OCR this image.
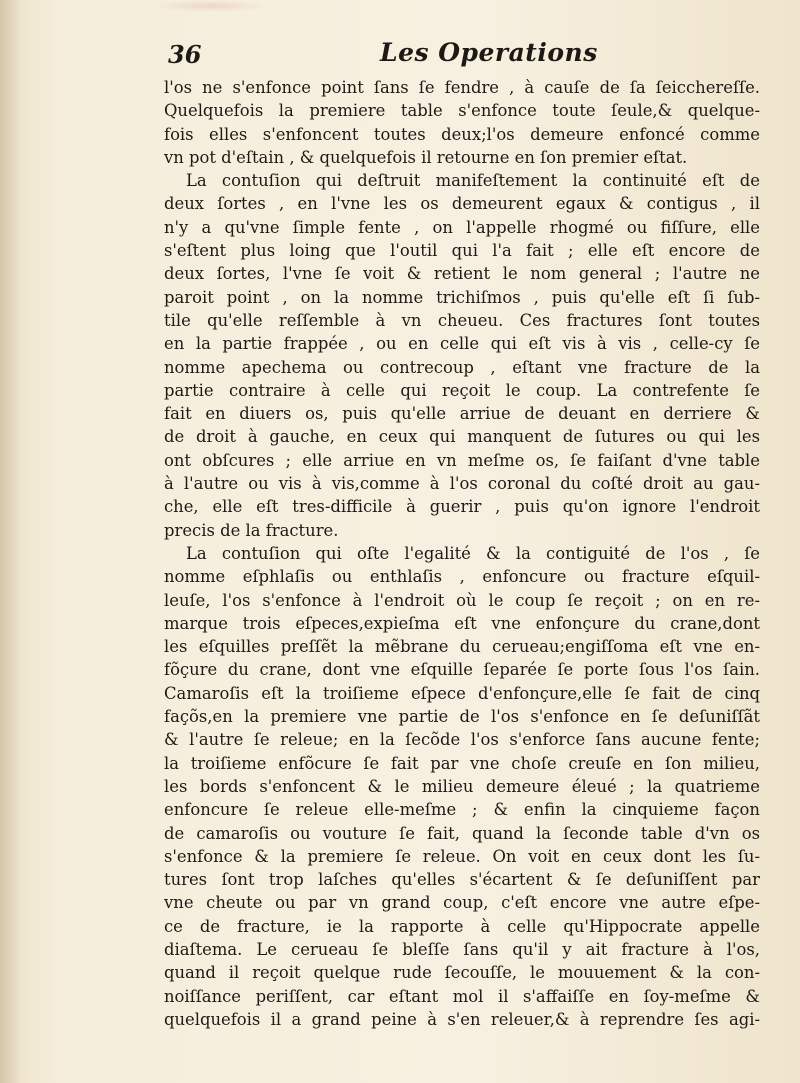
36	Les Operations
l'os ne s'enfonce point ſans ſe fendre , à cauſe de ſa ſeicchereſſe.
Quelquefois la premiere table s'enfonce toute ſeule,& quelque-
fois elles s'enfoncent toutes deux;l'os demeure enfoncé comme
vn pot d'eſtain , & quelquefois il retourne en ſon premier eſtat.
La contuſion qui deſtruit manifeſtement la continuité eſt de
deux ſortes , en l'vne les os demeurent egaux & contigus , il
n'y a qu'vne ſimple fente , on l'appelle rhogmé ou fiſſure, elle
s'eſtent plus loing que l'outil qui l'a fait ; elle eſt encore de
deux ſortes, l'vne ſe voit & retient le nom general ; l'autre ne
paroit point , on la nomme trichiſmos , puis qu'elle eſt ſi ſub-
tile qu'elle reſſemble à vn cheueu. Ces fractures ſont toutes
en la partie frappée , ou en celle qui eſt vis à vis , celle-cy ſe
nomme apechema ou contrecoup , eſtant vne fracture de la
partie contraire à celle qui reçoit le coup. La contrefente ſe
fait en diuers os, puis qu'elle arriue de deuant en derriere &
de droit à gauche, en ceux qui manquent de ſutures ou qui les
ont obſcures ; elle arriue en vn meſme os, ſe faiſant d'vne table
à l'autre ou vis à vis,comme à l'os coronal du coſté droit au gau-
che, elle eſt tres-difficile à guerir , puis qu'on ignore l'endroit
precis de la fracture.
La contuſion qui oſte l'egalité & la contiguité de l'os , ſe
nomme eſphlaſis ou enthlaſis , enfoncure ou fracture eſquil-
leuſe, l'os s'enfonce à l'endroit où le coup ſe reçoit ; on en re-
marque trois eſpeces,expieſma eſt vne enfonçure du crane,dont
les eſquilles preſſẽt la mẽbrane du cerueau;engiſſoma eſt vne en-
fõçure du crane, dont vne eſquille ſeparée ſe porte ſous l'os ſain.
Camaroſis eſt la troiſieme eſpece d'enfonçure,elle ſe fait de cinq
façõs,en la premiere vne partie de l'os s'enfonce en ſe deſuniſſãt
& l'autre ſe releue; en la ſecõde l'os s'enforce ſans aucune fente;
la troiſieme enfõcure ſe fait par vne choſe creuſe en ſon milieu,
les bords s'enfoncent & le milieu demeure éleué ; la quatrieme
enfoncure ſe releue elle-meſme ; & enfin la cinquieme façon
de camaroſis ou vouture ſe fait, quand la ſeconde table d'vn os
s'enfonce & la premiere ſe releue. On voit en ceux dont les ſu-
tures ſont trop laſches qu'elles s'écartent & ſe deſuniſſent par
vne cheute ou par vn grand coup, c'eſt encore vne autre eſpe-
ce de fracture, ie la rapporte à celle qu'Hippocrate appelle
diaſtema. Le cerueau ſe bleſſe ſans qu'il y ait fracture à l'os,
quand il reçoit quelque rude ſecouſſe, le mouuement & la con-
noiſſance periſſent, car eſtant mol il s'affaiſſe en ſoy-meſme &
quelquefois il a grand peine à s'en releuer,& à reprendre ſes agi-
